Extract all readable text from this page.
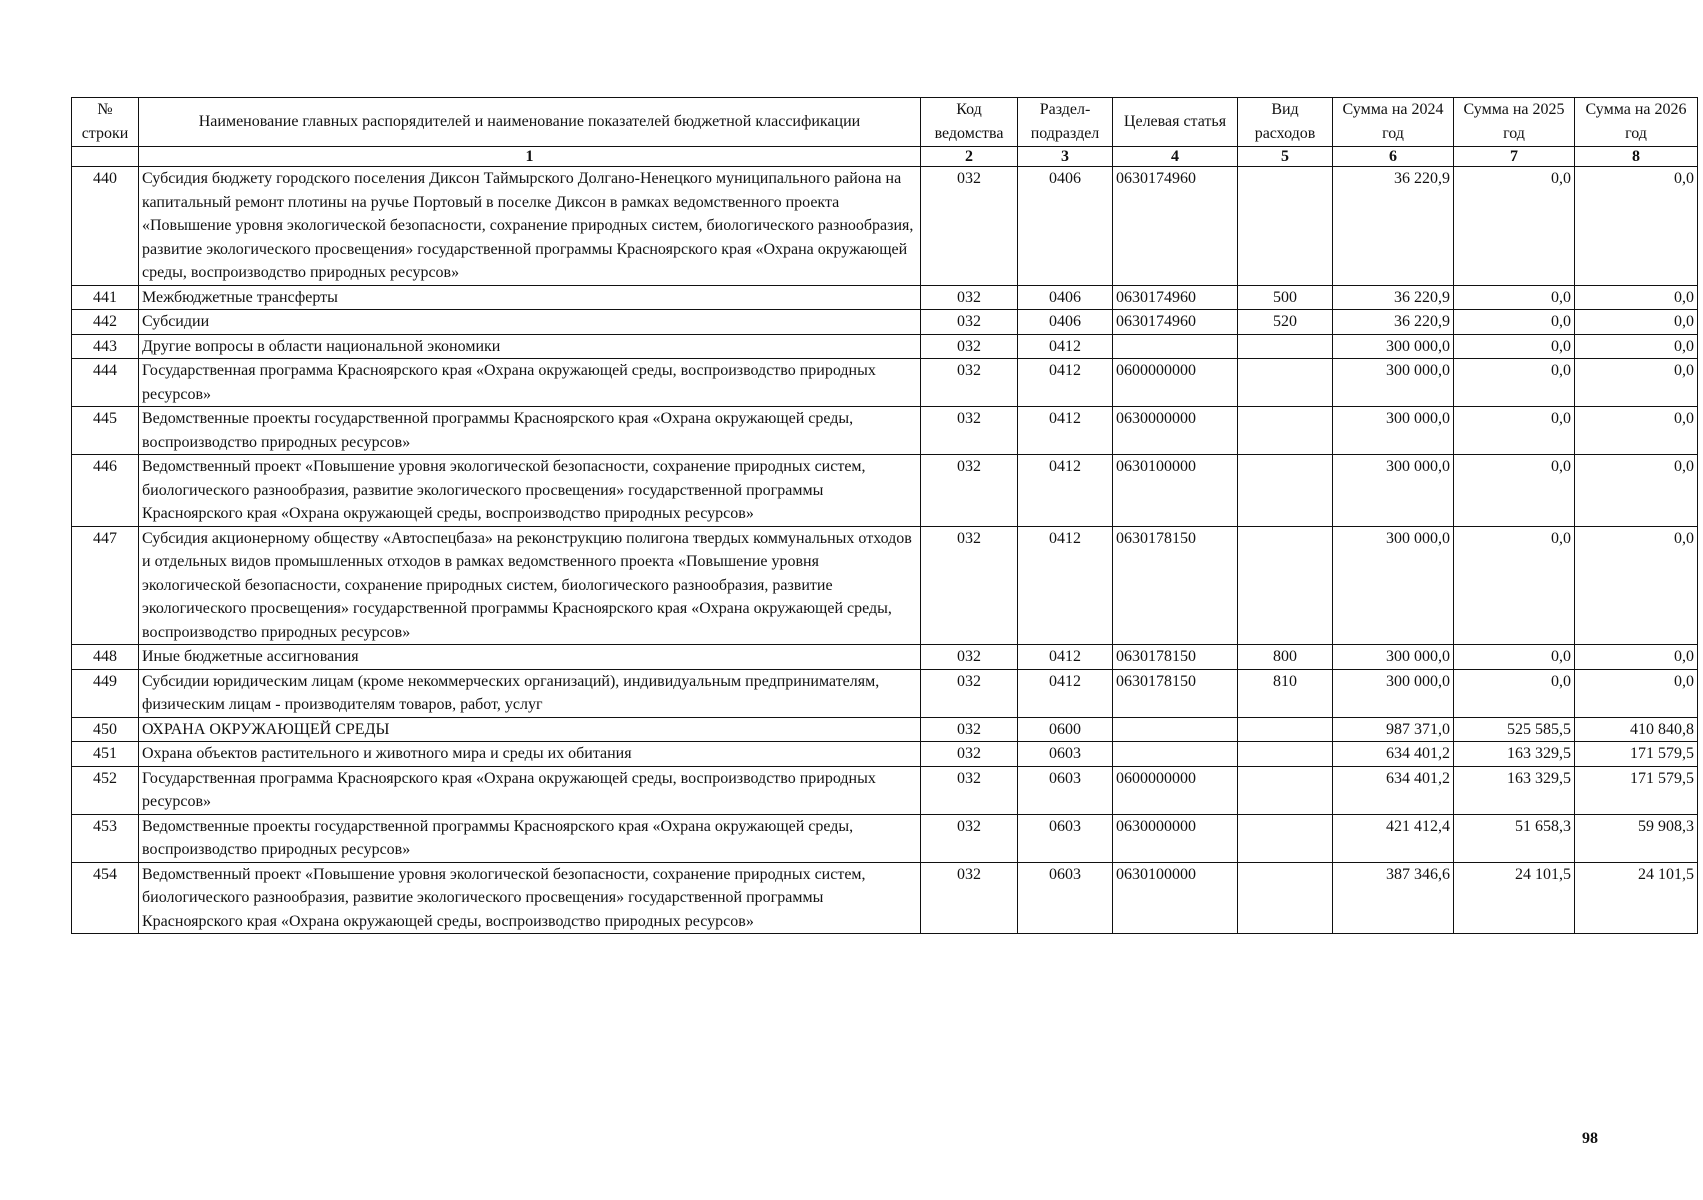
№ строки	Наименование главных распорядителей и наименование показателей бюджетной классификации	Код ведомства	Раздел-подраздел	Целевая статья	Вид расходов	Сумма на 2024 год	Сумма на 2025 год	Сумма на 2026 год
	1	2	3	4	5	6	7	8
440	Субсидия бюджету городского поселения Диксон Таймырского Долгано-Ненецкого муниципального района на капитальный ремонт плотины на ручье Портовый в поселке Диксон в рамках ведомственного проекта «Повышение уровня экологической безопасности, сохранение природных систем, биологического разнообразия, развитие экологического просвещения» государственной программы Красноярского края «Охрана окружающей среды, воспроизводство природных ресурсов»	032	0406	0630174960		36 220,9	0,0	0,0
441	Межбюджетные трансферты	032	0406	0630174960	500	36 220,9	0,0	0,0
442	Субсидии	032	0406	0630174960	520	36 220,9	0,0	0,0
443	Другие вопросы в области национальной экономики	032	0412			300 000,0	0,0	0,0
444	Государственная программа Красноярского края «Охрана окружающей среды, воспроизводство природных ресурсов»	032	0412	0600000000		300 000,0	0,0	0,0
445	Ведомственные проекты государственной программы Красноярского края «Охрана окружающей среды, воспроизводство природных ресурсов»	032	0412	0630000000		300 000,0	0,0	0,0
446	Ведомственный проект «Повышение уровня экологической безопасности, сохранение природных систем, биологического разнообразия, развитие экологического просвещения» государственной программы Красноярского края «Охрана окружающей среды, воспроизводство природных ресурсов»	032	0412	0630100000		300 000,0	0,0	0,0
447	Субсидия акционерному обществу «Автоспецбаза» на реконструкцию полигона твердых коммунальных отходов и отдельных видов промышленных отходов в рамках ведомственного проекта «Повышение уровня экологической безопасности, сохранение природных систем, биологического разнообразия, развитие экологического просвещения» государственной программы Красноярского края «Охрана окружающей среды, воспроизводство природных ресурсов»	032	0412	0630178150		300 000,0	0,0	0,0
448	Иные бюджетные ассигнования	032	0412	0630178150	800	300 000,0	0,0	0,0
449	Субсидии юридическим лицам (кроме некоммерческих организаций), индивидуальным предпринимателям, физическим лицам - производителям товаров, работ, услуг	032	0412	0630178150	810	300 000,0	0,0	0,0
450	ОХРАНА ОКРУЖАЮЩЕЙ СРЕДЫ	032	0600			987 371,0	525 585,5	410 840,8
451	Охрана объектов растительного и животного мира и среды их обитания	032	0603			634 401,2	163 329,5	171 579,5
452	Государственная программа Красноярского края «Охрана окружающей среды, воспроизводство природных ресурсов»	032	0603	0600000000		634 401,2	163 329,5	171 579,5
453	Ведомственные проекты государственной программы Красноярского края «Охрана окружающей среды, воспроизводство природных ресурсов»	032	0603	0630000000		421 412,4	51 658,3	59 908,3
454	Ведомственный проект «Повышение уровня экологической безопасности, сохранение природных систем, биологического разнообразия, развитие экологического просвещения» государственной программы Красноярского края «Охрана окружающей среды, воспроизводство природных ресурсов»	032	0603	0630100000		387 346,6	24 101,5	24 101,5
98
